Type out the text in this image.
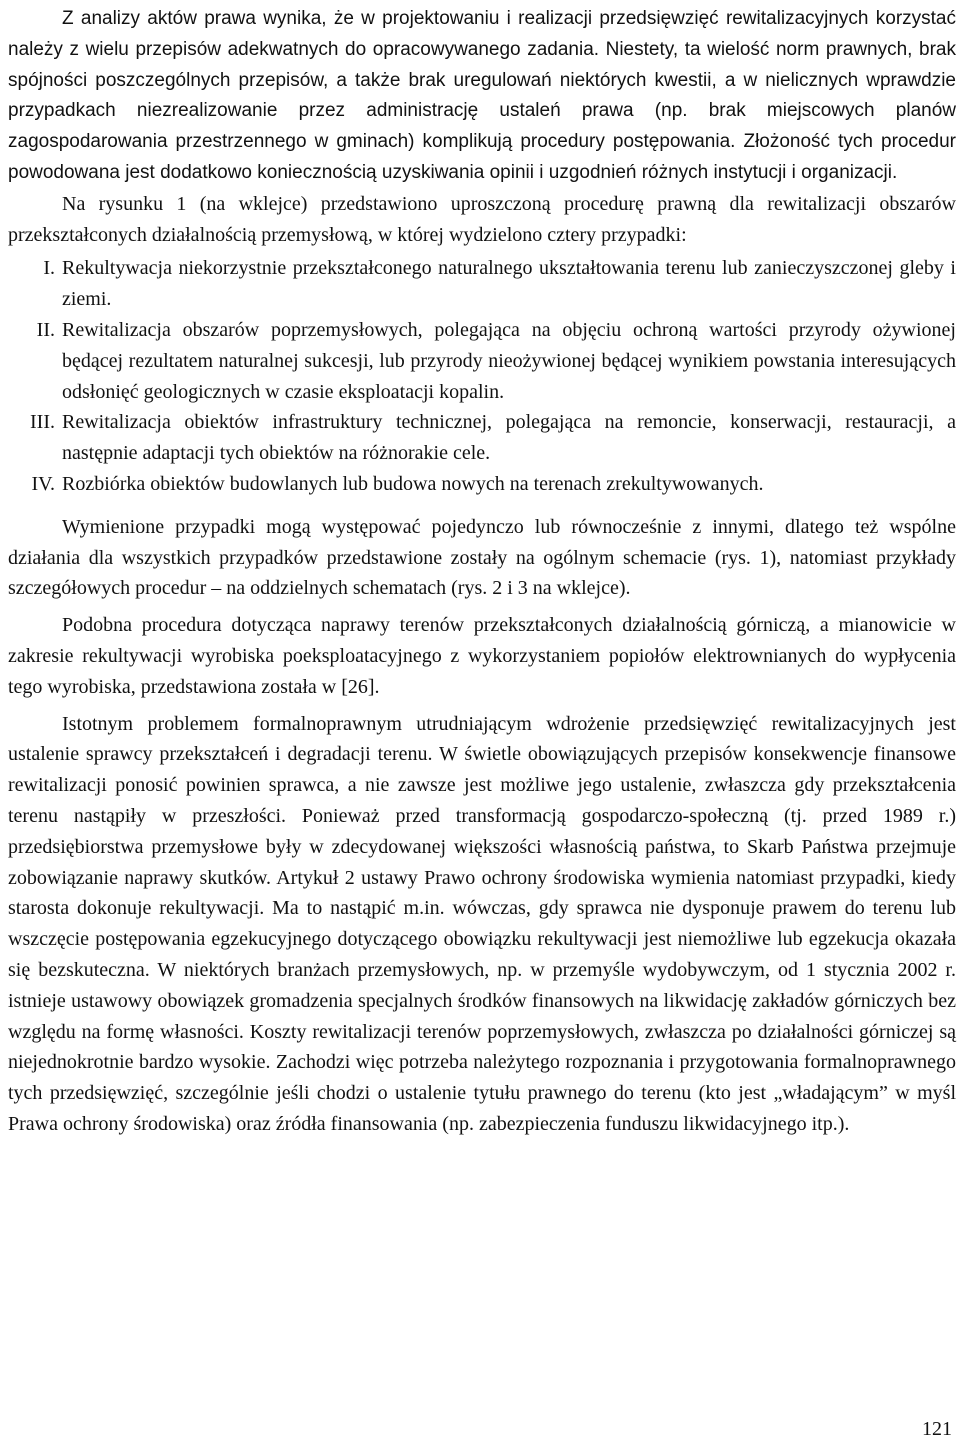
Z analizy aktów prawa wynika, że w projektowaniu i realizacji przedsięwzięć rewitalizacyjnych korzystać należy z wielu przepisów adekwatnych do opracowywanego zadania. Niestety, ta wielość norm prawnych, brak spójności poszczególnych przepisów, a także brak uregulowań niektórych kwestii, a w nielicznych wprawdzie przypadkach niezrealizowanie przez administrację ustaleń prawa (np. brak miejscowych planów zagospodarowania przestrzennego w gminach) komplikują procedury postępowania. Złożoność tych procedur powodowana jest dodatkowo koniecznością uzyskiwania opinii i uzgodnień różnych instytucji i organizacji.

Na rysunku 1 (na wklejce) przedstawiono uproszczoną procedurę prawną dla rewitalizacji obszarów przekształconych działalnością przemysłową, w której wydzielono cztery przypadki:

I. Rekultywacja niekorzystnie przekształconego naturalnego ukształtowania terenu lub zanieczyszczonej gleby i ziemi.
II. Rewitalizacja obszarów poprzemysłowych, polegająca na objęciu ochroną wartości przyrody ożywionej będącej rezultatem naturalnej sukcesji, lub przyrody nieożywionej będącej wynikiem powstania interesujących odsłonięć geologicznych w czasie eksploatacji kopalin.
III. Rewitalizacja obiektów infrastruktury technicznej, polegająca na remoncie, konserwacji, restauracji, a następnie adaptacji tych obiektów na różnorakie cele.
IV. Rozbiórka obiektów budowlanych lub budowa nowych na terenach zrekultywowanych.

Wymienione przypadki mogą występować pojedynczo lub równocześnie z innymi, dlatego też wspólne działania dla wszystkich przypadków przedstawione zostały na ogólnym schemacie (rys. 1), natomiast przykłady szczegółowych procedur – na oddzielnych schematach (rys. 2 i 3 na wklejce).

Podobna procedura dotycząca naprawy terenów przekształconych działalnością górniczą, a mianowicie w zakresie rekultywacji wyrobiska poeksploatacyjnego z wykorzystaniem popiołów elektrownianych do wypłycenia tego wyrobiska, przedstawiona została w [26].

Istotnym problemem formalnoprawnym utrudniającym wdrożenie przedsięwzięć rewitalizacyjnych jest ustalenie sprawcy przekształceń i degradacji terenu. W świetle obowiązujących przepisów konsekwencje finansowe rewitalizacji ponosić powinien sprawca, a nie zawsze jest możliwe jego ustalenie, zwłaszcza gdy przekształcenia terenu nastąpiły w przeszłości. Ponieważ przed transformacją gospodarczo-społeczną (tj. przed 1989 r.) przedsiębiorstwa przemysłowe były w zdecydowanej większości własnością państwa, to Skarb Państwa przejmuje zobowiązanie naprawy skutków. Artykuł 2 ustawy Prawo ochrony środowiska wymienia natomiast przypadki, kiedy starosta dokonuje rekultywacji. Ma to nastąpić m.in. wówczas, gdy sprawca nie dysponuje prawem do terenu lub wszczęcie postępowania egzekucyjnego dotyczącego obowiązku rekultywacji jest niemożliwe lub egzekucja okazała się bezskuteczna. W niektórych branżach przemysłowych, np. w przemyśle wydobywczym, od 1 stycznia 2002 r. istnieje ustawowy obowiązek gromadzenia specjalnych środków finansowych na likwidację zakładów górniczych bez względu na formę własności. Koszty rewitalizacji terenów poprzemysłowych, zwłaszcza po działalności górniczej są niejednokrotnie bardzo wysokie. Zachodzi więc potrzeba należytego rozpoznania i przygotowania formalnoprawnego tych przedsięwzięć, szczególnie jeśli chodzi o ustalenie tytułu prawnego do terenu (kto jest „władającym” w myśl Prawa ochrony środowiska) oraz źródła finansowania (np. zabezpieczenia funduszu likwidacyjnego itp.).

121
